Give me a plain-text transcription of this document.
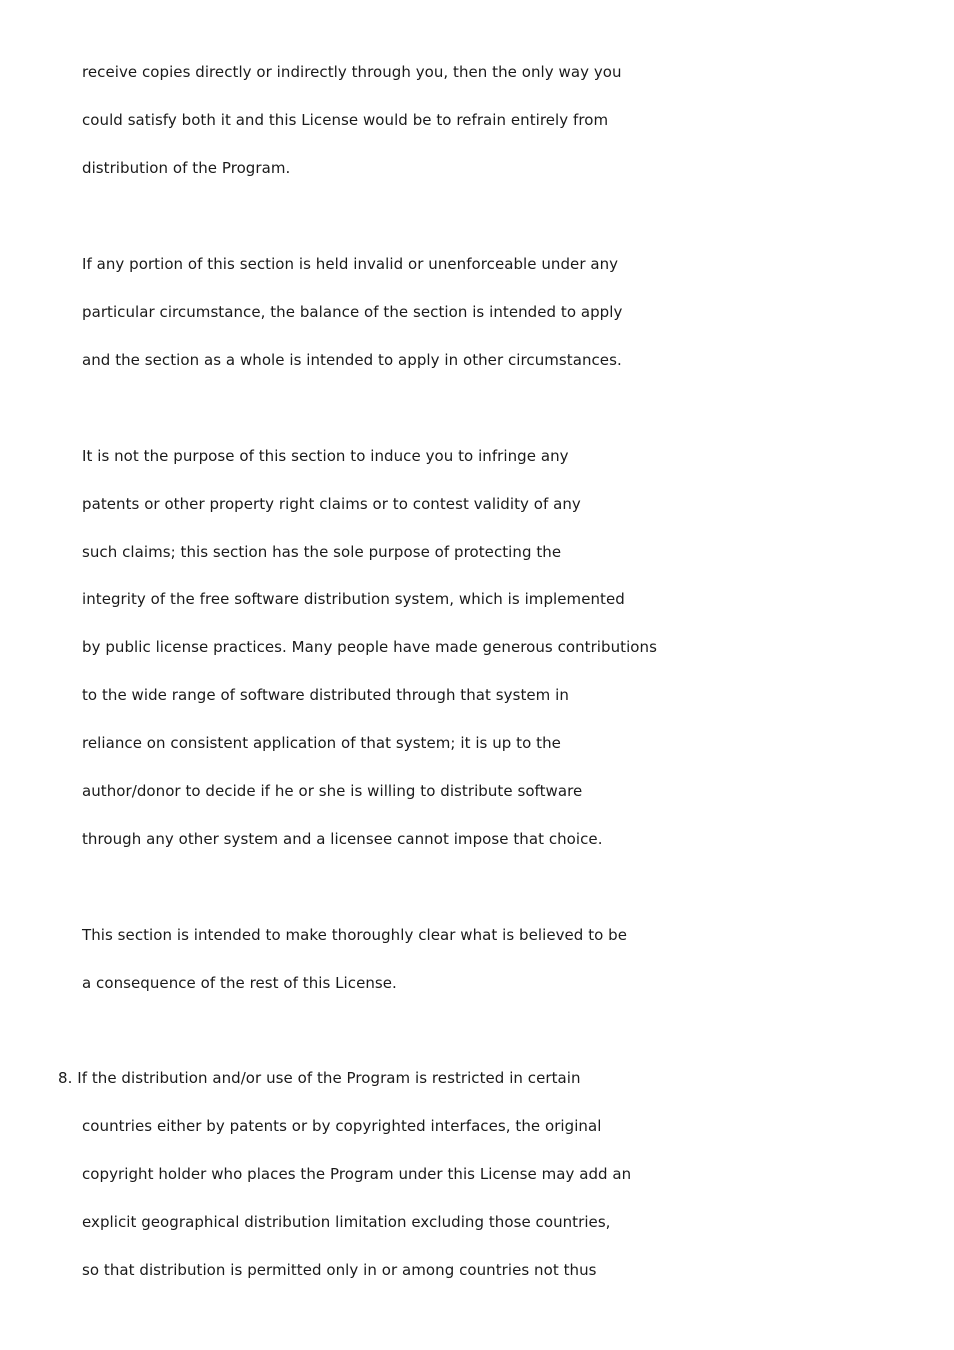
receive copies directly or indirectly through you, then the only way you
could satisfy both it and this License would be to refrain entirely from
distribution of the Program.
If any portion of this section is held invalid or unenforceable under any
particular circumstance, the balance of the section is intended to apply
and the section as a whole is intended to apply in other circumstances.
It is not the purpose of this section to induce you to infringe any
patents or other property right claims or to contest validity of any
such claims; this section has the sole purpose of protecting the
integrity of the free software distribution system, which is implemented
by public license practices. Many people have made generous contributions
to the wide range of software distributed through that system in
reliance on consistent application of that system; it is up to the
author/donor to decide if he or she is willing to distribute software
through any other system and a licensee cannot impose that choice.
This section is intended to make thoroughly clear what is believed to be
a consequence of the rest of this License.
8. If the distribution and/or use of the Program is restricted in certain
countries either by patents or by copyrighted interfaces, the original
copyright holder who places the Program under this License may add an
explicit geographical distribution limitation excluding those countries,
so that distribution is permitted only in or among countries not thus
